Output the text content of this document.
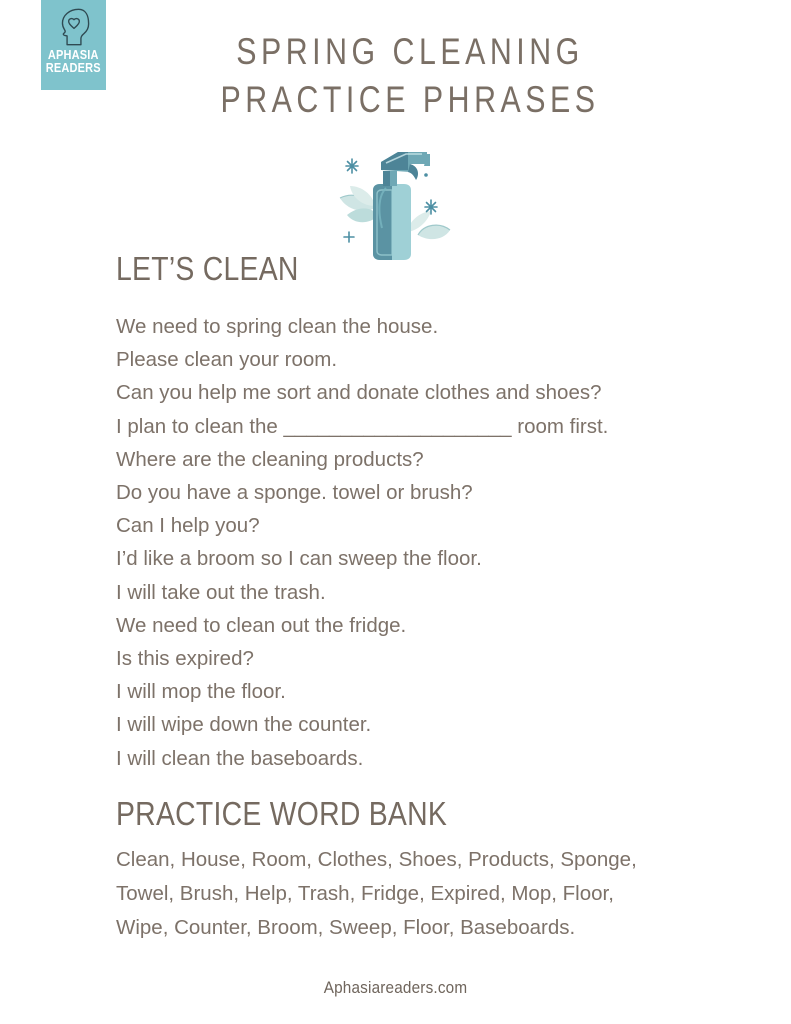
APHASIA
READERS	SPRING CLEANING
PRACTICE PHRASES
LET’S CLEAN
We need to spring clean the house.
Please clean your room.
Can you help me sort and donate clothes and shoes?
I plan to clean the ____________________ room first.
Where are the cleaning products?
Do you have a sponge. towel or brush?
Can I help you?
I’d like a broom so I can sweep the floor.
I will take out the trash.
We need to clean out the fridge.
Is this expired?
I will mop the floor.
I will wipe down the counter.
I will clean the baseboards.
PRACTICE WORD BANK
Clean, House, Room, Clothes, Shoes, Products, Sponge, Towel, Brush, Help, Trash, Fridge, Expired, Mop, Floor, Wipe, Counter, Broom, Sweep, Floor, Baseboards.
Aphasiareaders.com
